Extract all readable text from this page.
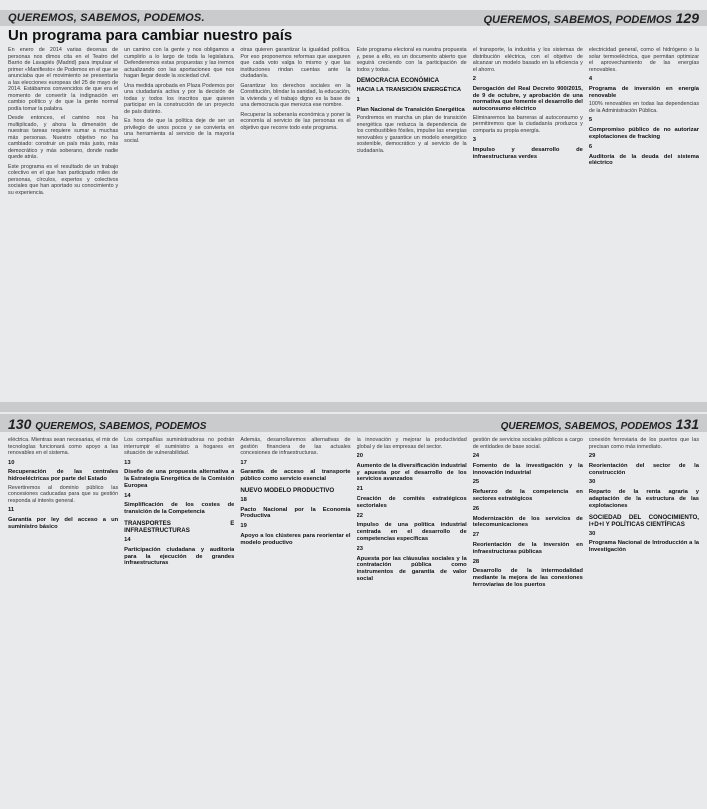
QUEREMOS, SABEMOS, PODEMOS.
Un programa para cambiar nuestro país
QUEREMOS, SABEMOS, PODEMOS 129

En enero de 2014 varias decenas de personas nos dimos cita en el Teatro del Barrio de Lavapiés (Madrid) para impulsar el primer «Manifiesto» de Podemos en el que se anunciaba que el movimiento se presentaría a las elecciones europeas del 25 de mayo de 2014. Estábamos convencidos de que era el momento de convertir la indignación en cambio político y de que la gente normal podía tomar la palabra.

Desde entonces, el camino nos ha multiplicado, y ahora la dimensión de nuestras tareas requiere sumar a muchas más personas. Nuestro objetivo no ha cambiado: construir un país más justo, más democrático y más soberano, donde nadie quede atrás.

Este programa es el resultado de un trabajo colectivo en el que han participado miles de personas, círculos, expertos y colectivos sociales que han aportado su conocimiento y su experiencia.

un camino con la gente y nos obligamos a cumplirlo a lo largo de toda la legislatura. Defenderemos estas propuestas y las iremos actualizando con las aportaciones que nos hagan llegar desde la sociedad civil.

Una medida aprobada en Plaza Podemos por una ciudadanía activa y por la decisión de todas y todos los inscritos que quieren participar en la construcción de un proyecto de país distinto.

Es hora de que la política deje de ser un privilegio de unos pocos y se convierta en una herramienta al servicio de la mayoría social.

otras quieren garantizar la igualdad política. Por eso proponemos reformas que aseguren que cada voto valga lo mismo y que las instituciones rindan cuentas ante la ciudadanía.

Garantizar los derechos sociales en la Constitución, blindar la sanidad, la educación, la vivienda y el trabajo digno es la base de una democracia que merezca ese nombre.

Recuperar la soberanía económica y poner la economía al servicio de las personas es el objetivo que recorre todo este programa.

Este programa electoral es nuestra propuesta y, pese a ello, es un documento abierto que seguirá creciendo con la participación de todos y todas.

DEMOCRACIA ECONÓMICA
HACIA LA TRANSICIÓN ENERGÉTICA
1
Plan Nacional de Transición Energética

Pondremos en marcha un plan de transición energética que reduzca la dependencia de los combustibles fósiles, impulse las energías renovables y garantice un modelo energético sostenible, democrático y al servicio de la ciudadanía.

el transporte, la industria y los sistemas de distribución eléctrica, con el objetivo de alcanzar un modelo basado en la eficiencia y el ahorro.

2
Derogación del Real Decreto 900/2015, de 9 de octubre, y aprobación de una normativa que fomente el desarrollo del autoconsumo eléctrico

Eliminaremos las barreras al autoconsumo y permitiremos que la ciudadanía produzca y comparta su propia energía.

3
Impulso y desarrollo de infraestructuras verdes

electricidad general, como el hidrógeno o la solar termoeléctrica, que permitan optimizar el aprovechamiento de las energías renovables.

4
Programa de inversión en energía renovable

100% renovables en todas las dependencias de la Administración Pública.

5
Compromiso público de no autorizar explotaciones de fracking
6
Auditoría de la deuda del sistema eléctrico
130 QUEREMOS, SABEMOS, PODEMOS	QUEREMOS, SABEMOS, PODEMOS 131

eléctrica. Mientras sean necesarias, el mix de tecnologías funcionará como apoyo a las renovables en el sistema.

10
Recuperación de las centrales hidroeléctricas por parte del Estado

Revertiremos al dominio público las concesiones caducadas para que su gestión responda al interés general.

11
Garantía por ley del acceso a un suministro básico

Los compañías suministradoras no podrán interrumpir el suministro a hogares en situación de vulnerabilidad.

13
Diseño de una propuesta alternativa a la Estrategia Energética de la Comisión Europea
14
Simplificación de los costes de transición de la Competencia
TRANSPORTES E INFRAESTRUCTURAS
14
Participación ciudadana y auditoría para la ejecución de grandes infraestructuras

Además, desarrollaremos alternativas de gestión financiera de las actuales concesiones de infraestructuras.

17
Garantía de acceso al transporte público como servicio esencial
NUEVO MODELO PRODUCTIVO
18
Pacto Nacional por la Economía Productiva
19
Apoyo a los clústeres para reorientar el modelo productivo

la innovación y mejorar la productividad global y de las empresas del sector.

20
Aumento de la diversificación industrial y apuesta por el desarrollo de los servicios avanzados
21
Creación de comités estratégicos sectoriales
22
Impulso de una política industrial centrada en el desarrollo de competencias específicas
23
Apuesta por las cláusulas sociales y la contratación pública como instrumentos de garantía de valor social

gestión de servicios sociales públicos a cargo de entidades de base social.

24
Fomento de la investigación y la innovación industrial
25
Refuerzo de la competencia en sectores estratégicos
26
Modernización de los servicios de telecomunicaciones
27
Reorientación de la inversión en infraestructuras públicas
28
Desarrollo de la intermodalidad mediante la mejora de las conexiones ferroviarias de los puertos

conexión ferroviaria de los puertos que las precisan como más inmediato.

29
Reorientación del sector de la construcción
30
Reparto de la renta agraria y adaptación de la estructura de las explotaciones
SOCIEDAD DEL CONOCIMIENTO, I+D+I Y POLÍTICAS CIENTÍFICAS
30
Programa Nacional de Introducción a la Investigación
